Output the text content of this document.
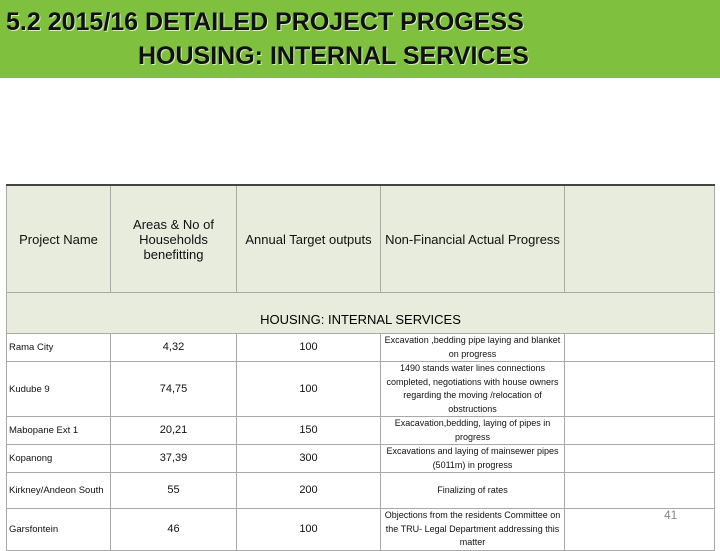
5.2 2015/16 DETAILED PROJECT PROGESS
HOUSING: INTERNAL SERVICES
Project Name	Areas & No of Households benefitting	Annual Target outputs	Non-Financial Actual Progress	
HOUSING: INTERNAL SERVICES				
Rama City	4,32	100	Excavation ,bedding pipe laying and blanket on progress	
Kudube 9	74,75	100	1490 stands water lines connections completed, negotiations with house owners regarding the moving /relocation of obstructions	
Mabopane Ext 1	20,21	150	Exacavation,bedding, laying of pipes in progress	
Kopanong	37,39	300	Excavations and laying of mainsewer pipes (5011m) in progress	
Kirkney/Andeon South	55	200	Finalizing of rates	
Garsfontein	46	100	Objections from the residents Committee on the TRU- Legal Department addressing this matter	
41
